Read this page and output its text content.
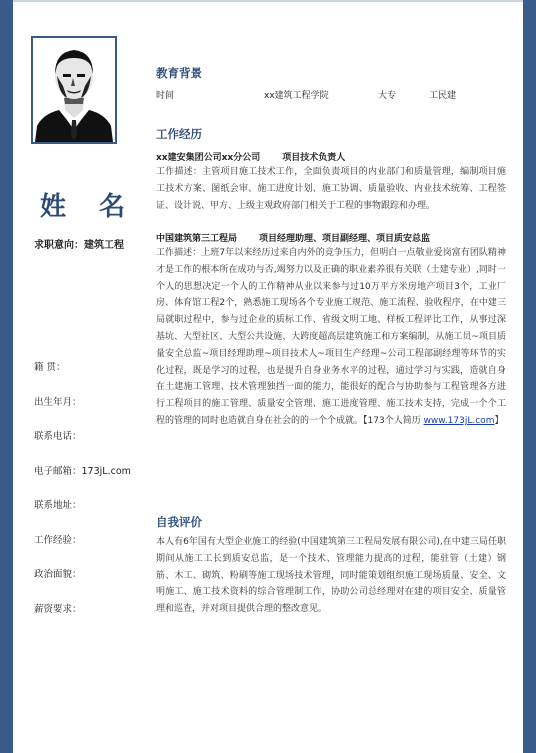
姓 名
求职意向：建筑工程
籍 贯：
出生年月：
联系电话：
电子邮箱：173jL.com
联系地址：
工作经验：
政治面貌：
薪资要求：
教育背景
时间	xx建筑工程学院	大专	工民建
工作经历
xx建安集团公司xx分公司 项目技术负责人
工作描述：主管项目施工技术工作，全面负责项目的内业部门和质量管理，编制项目施工技术方案、图纸会审、施工进度计划、施工协调、质量验收、内业技术统筹、工程签证、设计说、甲方、上级主观政府部门相关于工程的事物跟踪和办理。
中国建筑第三工程局 项目经理助理、项目副经理、项目质安总监
工作描述：上班7年以来经历过来自内外的竞争压力，但明白一点敬业爱岗富有团队精神才是工作的根本所在成功与否,竭努力以及正确的职业素养很有关联（土建专业）,同时一个人的思想决定一个人的工作精神从业以来参与过10万平方米房地产项目3个，工业厂房、体育馆工程2个，熟悉施工现场各个专业施工规范、施工流程、验收程序，在中建三局就职过程中，参与过企业的质标工作、省级文明工地、样板工程评比工作，从事过深基坑、大型社区、大型公共设施、大跨度超高层建筑施工和方案编制，从施工员~项目质量安全总监~项目经理助理~项目技术人~项目生产经理~公司工程部副经理等环节的实化过程，既是学习的过程，也是提升自身业务水平的过程，通过学习与实践，造就自身在土建施工管理、技术管理独挡一面的能力，能很好的配合与协助参与工程管理各方进行工程项目的施工管理、质量安全管理、施工进度管理、施工技术支持，完成一个个工程的管理的同时也造就自身在社会的的一个个成就。【173个人简历 www.173jL.com】
自我评价
本人有6年国有大型企业施工的经验(中国建筑第三工程局发展有限公司),在中建三局任职期间从施工工长到质安总监，是一个技术、管理能力提高的过程，能驻管（土建）钢筋、木工、砌筑、粉刷等施工现场技术管理，同时能策划组织施工现场质量、安全、文明施工、施工技术资料的综合管理制工作，协助公司总经理对在建的项目安全、质量管理和巡查，并对项目提供合理的整改意见。
